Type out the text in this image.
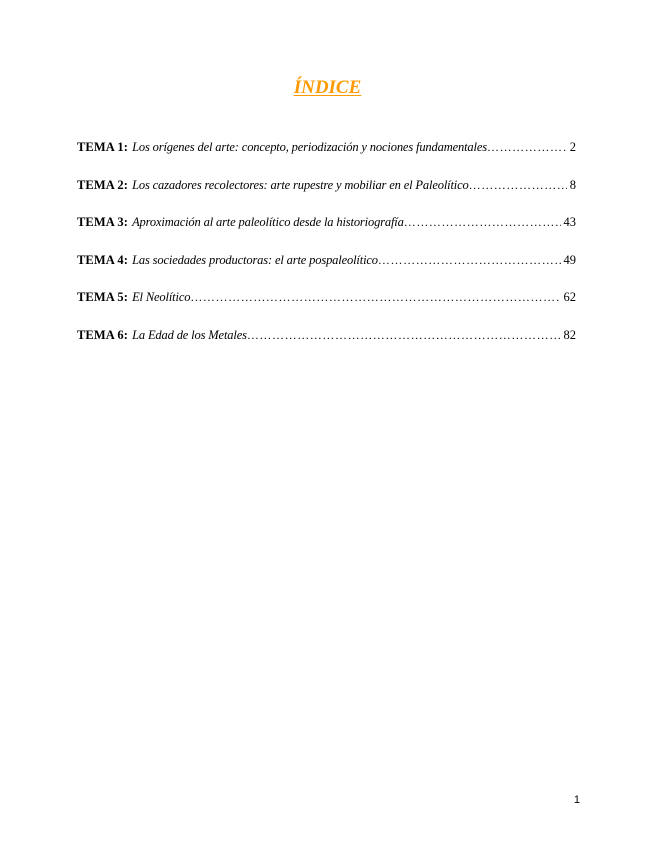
ÍNDICE
TEMA 1: Los orígenes del arte: concepto, periodización y nociones fundamentales ……………………………………………………………………………………………………………………………………………………………………………………………………………………	2
TEMA 2: Los cazadores recolectores: arte rupestre y mobiliar en el Paleolítico ……………………………………………………………………………………………………………………………………………………………………………………………………………………	8
TEMA 3: Aproximación al arte paleolítico desde la historiografía ……………………………………………………………………………………………………………………………………………………………………………………………………………………	43
TEMA 4: Las sociedades productoras: el arte pospaleolítico ……………………………………………………………………………………………………………………………………………………………………………………………………………………	49
TEMA 5: El Neolítico ……………………………………………………………………………………………………………………………………………………………………………………………………………………	62
TEMA 6: La Edad de los Metales ……………………………………………………………………………………………………………………………………………………………………………………………………………………	82
1
